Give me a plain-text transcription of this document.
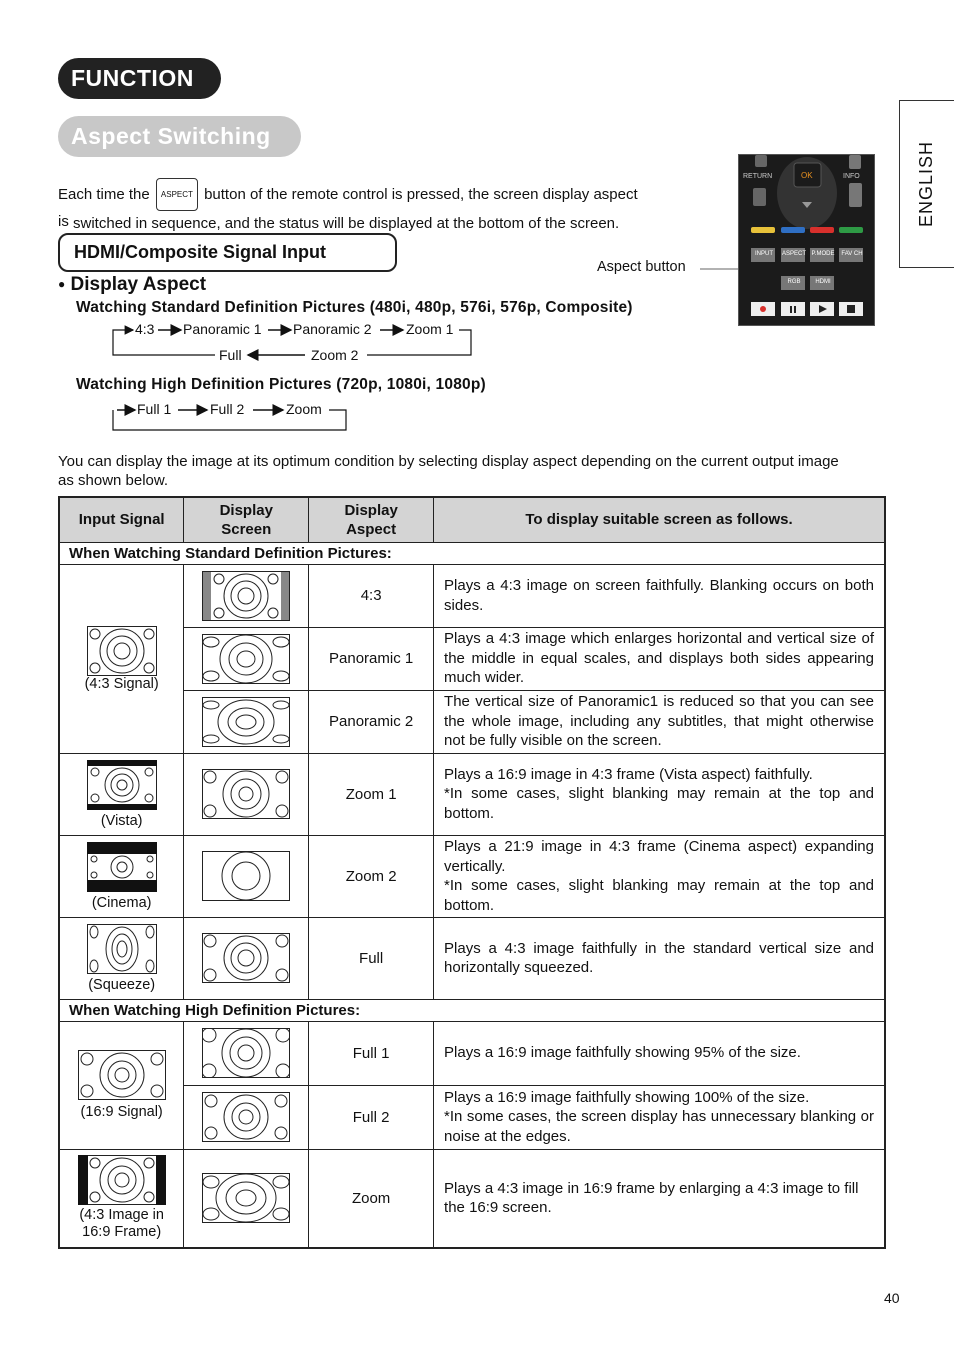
FUNCTION
Aspect Switching
ENGLISH
Each time the ASPECT button of the remote control is pressed, the screen display aspect
is switched in sequence, and the status will be displayed at the bottom of the screen.
HDMI/Composite Signal Input
● Display Aspect
Watching Standard Definition Pictures (480i, 480p, 576i, 576p, Composite)
4:3 Panoramic 1 Panoramic 2 Zoom 1
Full	Zoom 2
Watching High Definition Pictures (720p, 1080i, 1080p)
Full 1	Full 2	Zoom
Aspect button
RETURN	OK	INFO
INPUT	ASPECT P.MODE FAV CH
RGB	HDMI
You can display the image at its optimum condition by selecting display aspect depending on the current output image as shown below.
Input Signal	Display Screen	Display Aspect	To display suitable screen as follows.
When Watching Standard Definition Pictures:			

(4:3 Signal)		4:3	Plays a 4:3 image on screen faithfully. Blanking occurs on both sides.

	Panoramic 1	Plays a 4:3 image which enlarges horizontal and vertical size of the middle in equal scales, and displays both sides appearing much wider.

	Panoramic 2	The vertical size of Panoramic1 is reduced so that you can see the whole image, including any subtitles, that might otherwise not be fully visible on the screen.

(Vista)		Zoom 1	Plays a 16:9 image in 4:3 frame (Vista aspect) faithfully.
*In some cases, slight blanking may remain at the top and bottom.

(Cinema)		Zoom 2	Plays a 21:9 image in 4:3 frame (Cinema aspect) expanding vertically.
*In some cases, slight blanking may remain at the top and bottom.

(Squeeze)		Full	Plays a 4:3 image faithfully in the standard vertical size and horizontally squeezed.
When Watching High Definition Pictures:			

(16:9 Signal)		Full 1	Plays a 16:9 image faithfully showing 95% of the size.

	Full 2	Plays a 16:9 image faithfully showing 100% of the size.
*In some cases, the screen display has unnecessary blanking or noise at the edges.

(4:3 Image in
16:9 Frame)		Zoom	Plays a 4:3 image in 16:9 frame by enlarging a 4:3 image to fill the 16:9 screen.
40
